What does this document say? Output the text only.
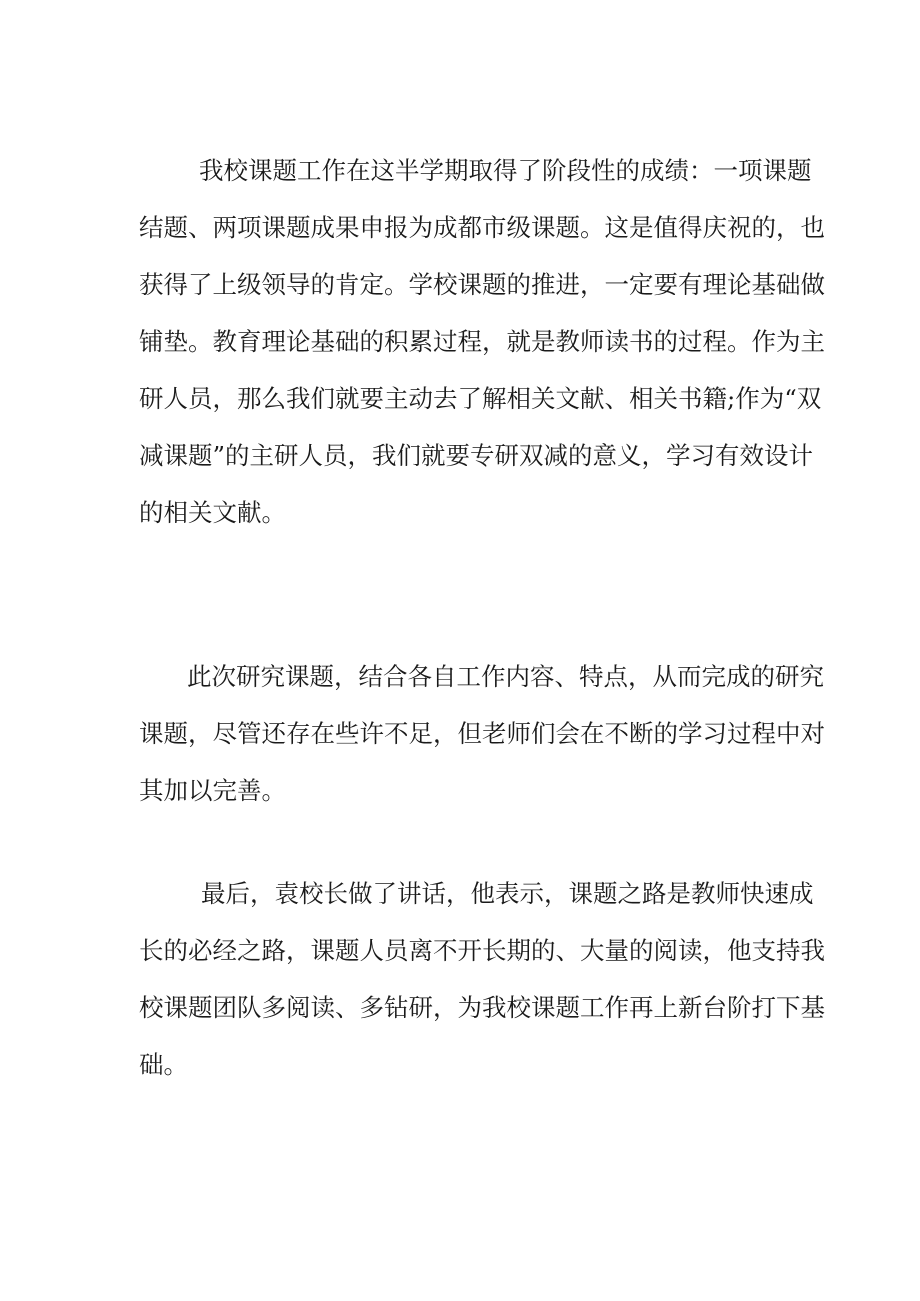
我校课题工作在这半学期取得了阶段性的成绩：一项课题
结题、两项课题成果申报为成都市级课题。这是值得庆祝的，也
获得了上级领导的肯定。学校课题的推进，一定要有理论基础做
铺垫。教育理论基础的积累过程，就是教师读书的过程。作为主
研人员，那么我们就要主动去了解相关文献、相关书籍;作为“双
减课题”的主研人员，我们就要专研双减的意义，学习有效设计
的相关文献。

此次研究课题，结合各自工作内容、特点，从而完成的研究
课题，尽管还存在些许不足，但老师们会在不断的学习过程中对
其加以完善。

最后，袁校长做了讲话，他表示，课题之路是教师快速成
长的必经之路，课题人员离不开长期的、大量的阅读，他支持我
校课题团队多阅读、多钻研，为我校课题工作再上新台阶打下基
础。
